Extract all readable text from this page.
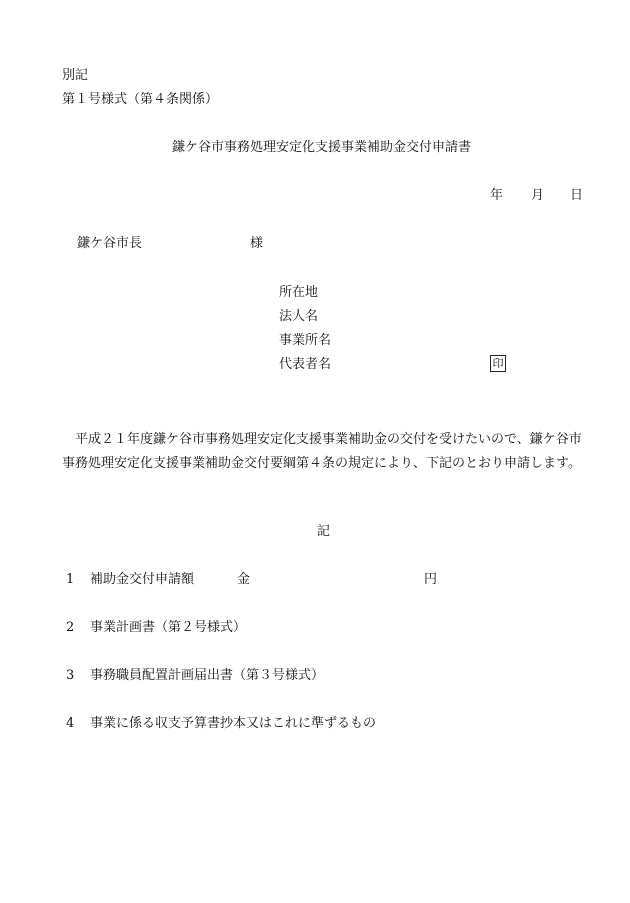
別記
第１号様式（第４条関係）
鎌ケ谷市事務処理安定化支援事業補助金交付申請書
年 月 日
鎌ケ谷市長	様
所在地
法人名
事業所名
代表者名	印
平成２１年度鎌ケ谷市事務処理安定化支援事業補助金の交付を受けたいので、鎌ケ谷市事務処理安定化支援事業補助金交付要綱第４条の規定により、下記のとおり申請します。
記
1 補助金交付申請額	金	円
2 事業計画書（第２号様式）
3 事務職員配置計画届出書（第３号様式）
4 事業に係る収支予算書抄本又はこれに準ずるもの
